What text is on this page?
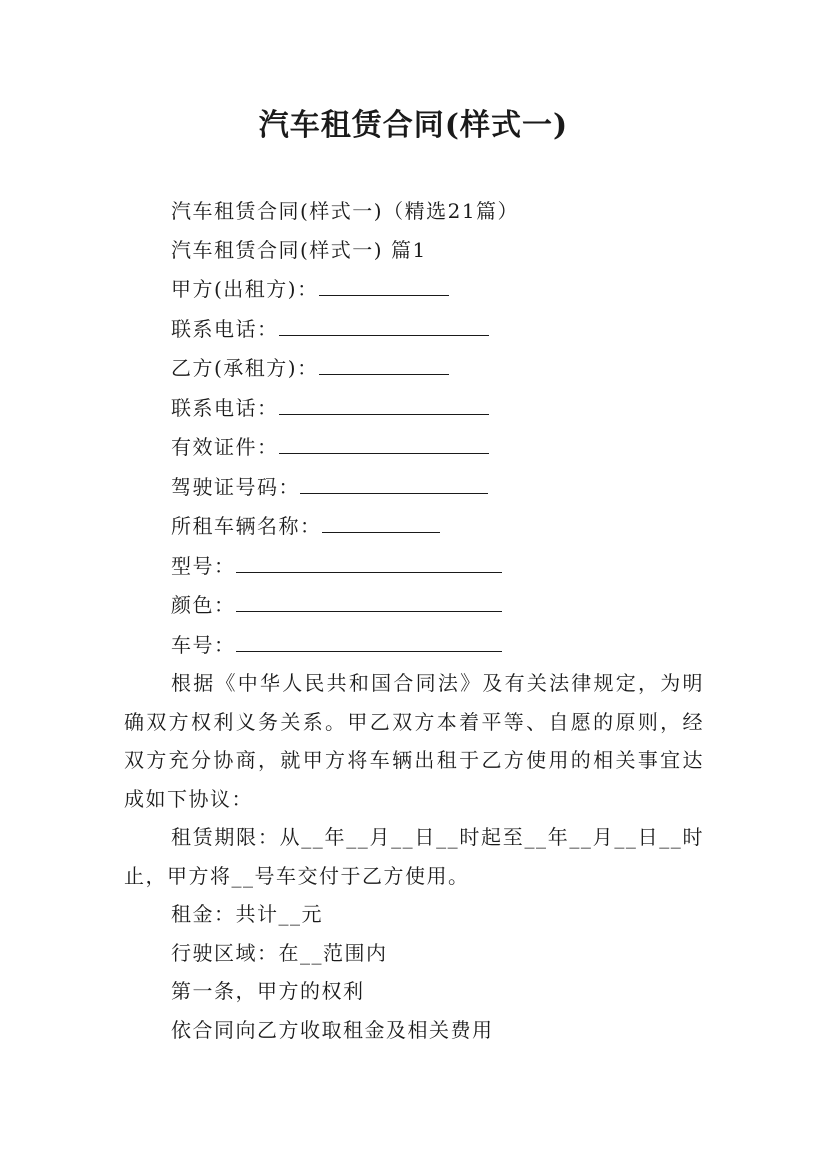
汽车租赁合同(样式一)
汽车租赁合同(样式一)（精选21篇）
汽车租赁合同(样式一) 篇1
甲方(出租方)：
联系电话：
乙方(承租方)：
联系电话：
有效证件：
驾驶证号码：
所租车辆名称：
型号：
颜色：
车号：
根据《中华人民共和国合同法》及有关法律规定，为明确双方权利义务关系。甲乙双方本着平等、自愿的原则，经双方充分协商，就甲方将车辆出租于乙方使用的相关事宜达成如下协议：
租赁期限：从__年__月__日__时起至__年__月__日__时止，甲方将__号车交付于乙方使用。
租金：共计__元
行驶区域：在__范围内
第一条，甲方的权利
依合同向乙方收取租金及相关费用
